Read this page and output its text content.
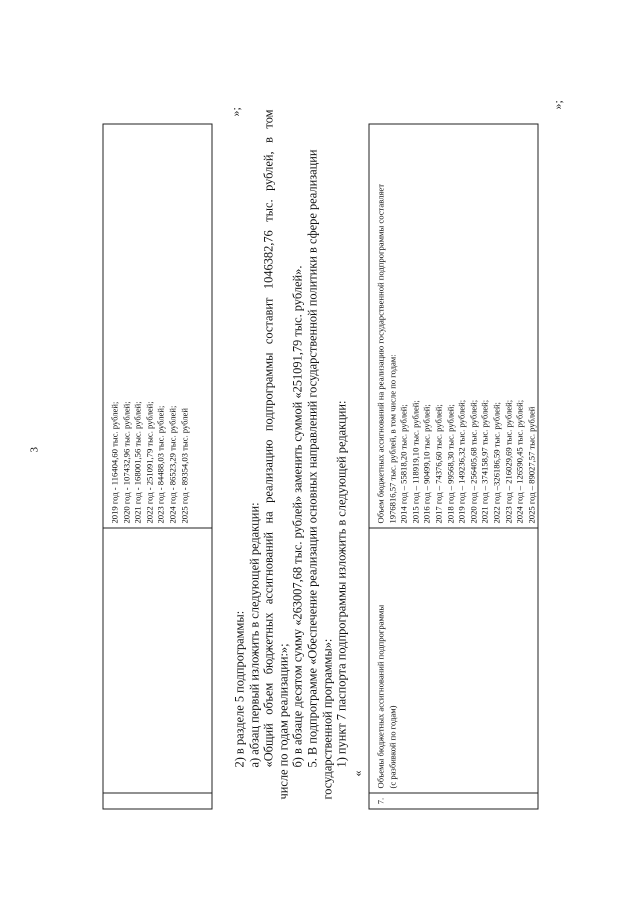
3	2019 год - 116404,60 тыс. рублей; 2020 год - 107432,96 тыс. рублей; 2021 год - 168001,56 тыс. рублей; 2022 год - 251091,79 тыс. рублей; 2023 год - 84488,03 тыс. рублей; 2024 год - 86523,29 тыс. рублей; 2025 год - 89354,03 тыс. рублей
»;
2) в разделе 5 подпрограммы: а) абзац первый изложить в следующей редакции: «Общий объем бюджетных ассигнований на реализацию подпрограммы составит 1046382,76 тыс. рублей, в том числе по годам реализации:»; б) в абзаце десятом сумму «263007,68 тыс. рублей» заменить суммой «251091,79 тыс. рублей». 5. В подпрограмме «Обеспечение реализации основных направлений государственной политики в сфере реализации государственной программы»: 1) пункт 7 паспорта подпрограммы изложить в следующей редакции:
«
7.
Объемы бюджетных ассигнований подпрограммы (с разбивкой по годам)
Объем бюджетных ассигнований на реализацию государственной подпрограммы составляет 1976816,57 тыс. рублей, в том числе по годам: 2014 год – 55818,20 тыс. рублей; 2015 год – 118919,10 тыс. рублей; 2016 год – 90499,10 тыс. рублей; 2017 год – 74376,60 тыс. рублей; 2018 год – 99568,30 тыс. рублей; 2019 год – 149236,32 тыс. рублей; 2020 год – 256405,68 тыс. рублей; 2021 год – 374158,97 тыс. рублей; 2022 год –326186,59 тыс. рублей; 2023 год – 216029,69 тыс. рублей; 2024 год – 126590,45 тыс. рублей; 2025 год – 89027,57 тыс. рублей
»;
